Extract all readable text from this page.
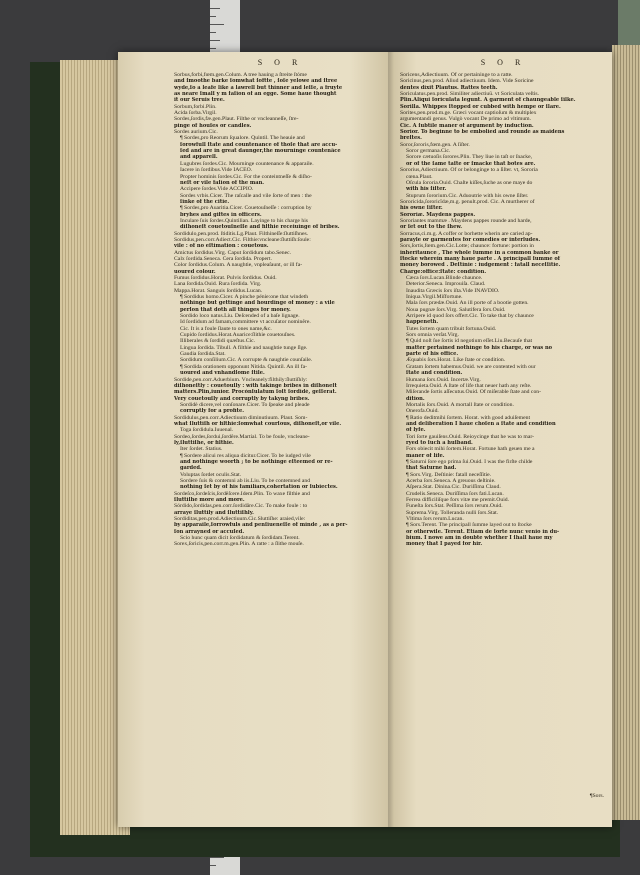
S O R
Sorbus,forbi,fœm.gen.Colum. A tree hauing a ſtreite ſtóme
and ſmoothe barke ſomwhat ſoftte , ſoſe yelowe and ſtree
wyde,ſo a leafe like a lawrell but thinner and leſſe, a fruyte
as neare ſmalſ y m faſion of an egge. Some haue thought
it our Seruis tree.
Sorbum,forbi.Plin.
Acida ſorba.Virgil.
Sordes,ſordis,fæ.gen.Plaut. Filthe or vncleanneſſe, ſtre-
pinge of houſes or candles.
Sordes aurium.Cic.
¶ Sordes,pro Reorum ſqualore. Quintil. The heauie and
ſorowfull ſtate and countenance of thoſe that are accu-
ſed and are in great daunger,the mourninge countenãce
and apparell.
Lugubres ſordes.Cic. Mourninge countenance & apparaile.
Iacere in ſordibus.Vide IACEO.
Propter hominis ſordes.Cic. For the conteintneſſe & diſho-
neſt or vile faſion of the man.
Accipere ſordes.Vide ACCIPIO.
Sordes vrbis.Cicer. The raſcalle and vile ſorte of men : the
ſinke of the citie.
¶ Sordes,pro Auaritia.Cicer. Couetouſneſſe : corruption by
bryhes and giftes in officers.
Inculare ſuis ſordes.Quintilian. Layinge to his charge his
diſhoneſt couetouſneſſe and filthie receiuinge of bribes.
Sordidulo,pen.prod. ſtiditis.Lg.Plaut. Filthineſſe:ſluttiſhnes.
Sordidus,pen.corr.Adiect.Cic. Filthie:vncleane:ſluttiſh:ſoule:
vile : of no eſtimation : couetous.
Amictus ſordidus.Virg. Caput ſordidum tabo.Senec.
Calx ſordida.Seneca. Cera ſordida. Propert.
Color ſordidus.Colum. A naughtie, vnpleaſaunt, or ill fa-
uoured colour.
Fumus ſordidus.Horat. Pulvis ſordidus. Ouid.
Lana ſordida.Ouid. Rura ſordida. Virg.
Mappa.Horat. Sanguis ſordidus.Lucan.
¶ Sordidus homo.Cicer. A pinche pénie:one that windeth
nothinge but gettinge and hourdinge of money : a vile
perſon that doth all thinges for money.
Sordido loco natus.Liu. Deſcended of a baſe lignage.
Id ſordidum ad famam,committere vt accuſator nominêre.
Cic. It is a foule ſlaute to ones name,&c.
Cupido ſordidus.Horat.Auarice:ſlithie couetouſnes.
Illiberales & ſordidi quæſtus.Cic.
Lingua ſordida. Tibull. A filthie and naughtie tunge ſlge.
Gaudia ſordida.Stat.
Sordidum conſilium.Cic. A corrupte & naughtie counſaile.
¶ Sordida orationem opponunt Nitida. Quintil. An ill fa-
uoured and vnhandſome ſtile.
Sordide,pen.corr.Aduerbium. Vncleanely:filthily:ſluttiſhly:
diſhoneſtly : couetouſly : with takinge bribes in diſhoneſt
matters.Plin,iunior. Procónſulatum ſoſt ſordidè, geſſerat.
Very couetouſly and corruptly by takyng bribes.
Sordidè dicere,vel conſonare.Cicer. To ſpeake and pleade
corruptly for a profite.
Sordidulus,pen.corr.Adiectiuum diminutiuum. Plaut. Som-
what ſluttiſh or filthie:ſomwhat courſous, diſhoneſt,or vile.
Toga ſordidula.Iuuenal.
Sordeo,ſordes,ſordui,ſordêre.Martial. To be foule, vncleane-
ly,ſluttiſhe, or filthie.
Iter ſordet. Statius.
¶ Sordere alicui res aliqua dicitur.Cicer. To be iudged vile
and nothinge woorth ; to be nothinge eſteemed or re-
garded.
Voluptas ſordet oculis.Stat.
Sordere ſuis & contemni ab iis.Liu. To be contemned and
nothing ſet by of his familiars,cohertation or ſubiectes.
Sordeſco,ſordeſcis,ſordêſcere.Idem.Plin. To waxe filthie and
ſluttiſhe more and more.
Sórdido,ſordidas,pen.corr.ſordidâre.Cic. To make foule : to
arraye ſluttily and ſluttiſhly.
Sordiditas,pen.prod.Adiectiuum.Cic.Sluttiſhe: araied,vile:
by apparaile,ſorrowfuls and penſiueneſſe of minde , as a per-
ſon arrayned or accuſed.
Scio hunc quam dicit ſordidatum & ſordidam.Terent.
Sorex,ſoricis,pen.corr.m.gen.Plin. A ratte : a ſlithe mouſe.
S O R
Soricens,Adiectiuum. Of or pertaininge to a ratte.
Soricinus,pen.prod. Aliud adiectiuum. Idem. Vide Soricine
dentes dixit Plautus. Rattes teeth.
Soriculatus.pen.prod. Similiter adiectiuū. vt Soriculata veſtis.
Plin.Aliqui ſoriculatā legunt. A garment of chaungeable ſilke.
Sorilla. Whippes ſtopped or cubbed with hempe or ſlare.
Sorites,pen.prod.m.ge. Græci vocant captioſum & multiplex
argumentandi genus. Vulgò vocant De primo ad vltimum.
Cic. A ſubtile maner of argument by induction.
Sorior. To beginne to be embolied and rounde as maidens
breſtes.
Soror,ſororis,fœm.gen. A ſiſter.
Soror germana.Cic.
Sorore cætuoſis ſorores.Plin. They liue in taſt or ſnacke,
or of the ſame taſte or ſmacke that botes are.
Sororius,Adiectiuum. Of or belonginge to a ſiſter. vt, Sororia
cœna.Plaut.
Oſcula ſororia.Ouid. Chaſte kiſſes,ſuche as one maye do
with his ſiſter.
Stuprum ſororium.Cic. Aduoutrie with his owne ſiſter.
Sororicida,ſororicîdæ,m.g. penult.prod. Cic. A murtherer of
his owne ſiſter.
Sororiæ. Maydens pappes.
Sororiantes mammæ . Maydens pappes rounde and harde,
or ſet out to the ſhew.
Sorracus,ci.m.g. A coffer or borhette wherin are caried ap-
parayle or garmentes for comedies or interludes.
Sors,ſortis,fœm.gen.Cic.Lotte; chaunce: fortune: portion in
inheritaunce , The whole ſumme in a common banke or
ſtocke wherein many haue parte . A principall ſumme of
money borowed . Deſtinie : iudgement : fatall neceſſitie.
Charge:office:ſtate: condition.
Cæca ſors.Lucan.Blinde chaunce.
Deterior.Seneca. Improuiſa. Claud.
Inaudita Græcis ſors iſta.Vide INAVDIO.
Iniqua.Virgil.Miſfortune.
Mala ſors prædæ.Ouid. An ill porte of a bootie gotten.
Noua pugnæ ſors.Virg. Salutifera ſors.Ouid.
Arripere id quod ſors offert.Cic. To take that by chaunce
happeneth.
Tutes ſortem quam tribuit fortuna.Ouid.
Sors omnia verſat.Virg.
¶ Quid noſt ſue ſortis id negotium eſſet.Liu.Becauſe that
matter pertained nothinge to his charge, or was no
parte of his office.
Æquabis ſors.Horat. Like ſtate or condition.
Gratam ſortem habemus.Ouid. we are contented with our
ſtate and condition.
Humana ſors.Ouid. Incertæ.Virg.
Irrequieta.Ouid. A ſtate of life that neuer hath any reſte.
Miſerande ſortis aſſecutus.Ouid. Of miſerable ſtate and con-
dition.
Mortalis ſors.Ouid. A mortall ſtate or condition.
Onerofa.Ouid.
¶ Ratio deditmihi ſortem. Horat. with good aduiſement
and deliberation I haue choſen a ſtate and condition
of lyfe.
Tori ſorte gauiſens.Ouid. Reioycinge that he was to mar-
ryed to ſuch a huſband.
Fors obiecit mihi ſortem.Horat. Fortune hath geuen me a
maner of life.
¶ Saturni ſore ego prima ſui.Ouid. I was the firſte childe
that Saturne had.
¶ Sors.Virg. Deſtinie: fatall neceſſitie.
Acerba ſors.Seneca. A greuous deſtinie.
Aſpera.Stat. Dinina.Cic. Duriſſima Claud.
Crudelis.Seneca. Duriſſima ſors fati.Lucan.
Ferrea difficiliſque fors vitæ me premit.Ouid.
Funeſta ſors.Stat. Peſſima ſors rerum.Ouid.
Suprema.Virg. Tolleranda nulli ſors.Stat.
Vltima ſors rerum.Lucan.
¶ Sors.Terent. The principall ſumme layed out to ſtocke
or otherwiſe. Terent. Etiam de ſorte nunc venio in du-
bium. I nowe am in doubte whether I ſhall haue my
money that I payed for hir.
¶Sors.
